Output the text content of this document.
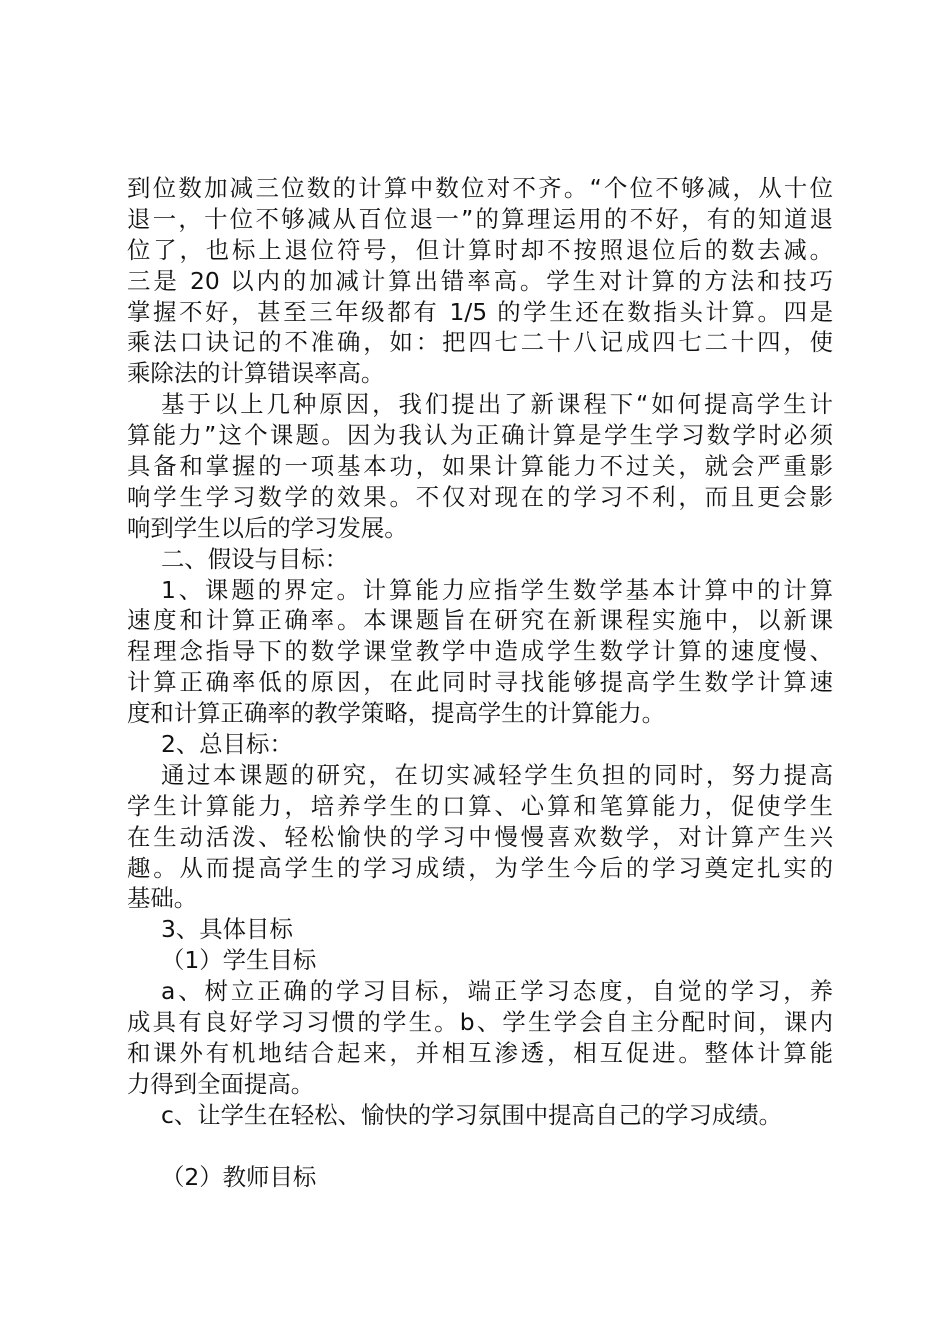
到位数加减三位数的计算中数位对不齐。“个位不够减，从十位
退一，十位不够减从百位退一”的算理运用的不好，有的知道退
位了，也标上退位符号，但计算时却不按照退位后的数去减。
三是 20 以内的加减计算出错率高。学生对计算的方法和技巧
掌握不好，甚至三年级都有 1/5 的学生还在数指头计算。四是
乘法口诀记的不准确，如：把四七二十八记成四七二十四，使
乘除法的计算错误率高。
基于以上几种原因，我们提出了新课程下“如何提高学生计
算能力”这个课题。因为我认为正确计算是学生学习数学时必须
具备和掌握的一项基本功，如果计算能力不过关，就会严重影
响学生学习数学的效果。不仅对现在的学习不利，而且更会影
响到学生以后的学习发展。
二、假设与目标：
1、课题的界定。计算能力应指学生数学基本计算中的计算
速度和计算正确率。本课题旨在研究在新课程实施中，以新课
程理念指导下的数学课堂教学中造成学生数学计算的速度慢、
计算正确率低的原因，在此同时寻找能够提高学生数学计算速
度和计算正确率的教学策略，提高学生的计算能力。
2、总目标：
通过本课题的研究，在切实减轻学生负担的同时，努力提高
学生计算能力，培养学生的口算、心算和笔算能力，促使学生
在生动活泼、轻松愉快的学习中慢慢喜欢数学，对计算产生兴
趣。从而提高学生的学习成绩，为学生今后的学习奠定扎实的
基础。
3、具体目标
（1）学生目标
a、树立正确的学习目标，端正学习态度，自觉的学习，养
成具有良好学习习惯的学生。b、学生学会自主分配时间，课内
和课外有机地结合起来，并相互渗透，相互促进。整体计算能
力得到全面提高。
c、让学生在轻松、愉快的学习氛围中提高自己的学习成绩。
（2）教师目标
